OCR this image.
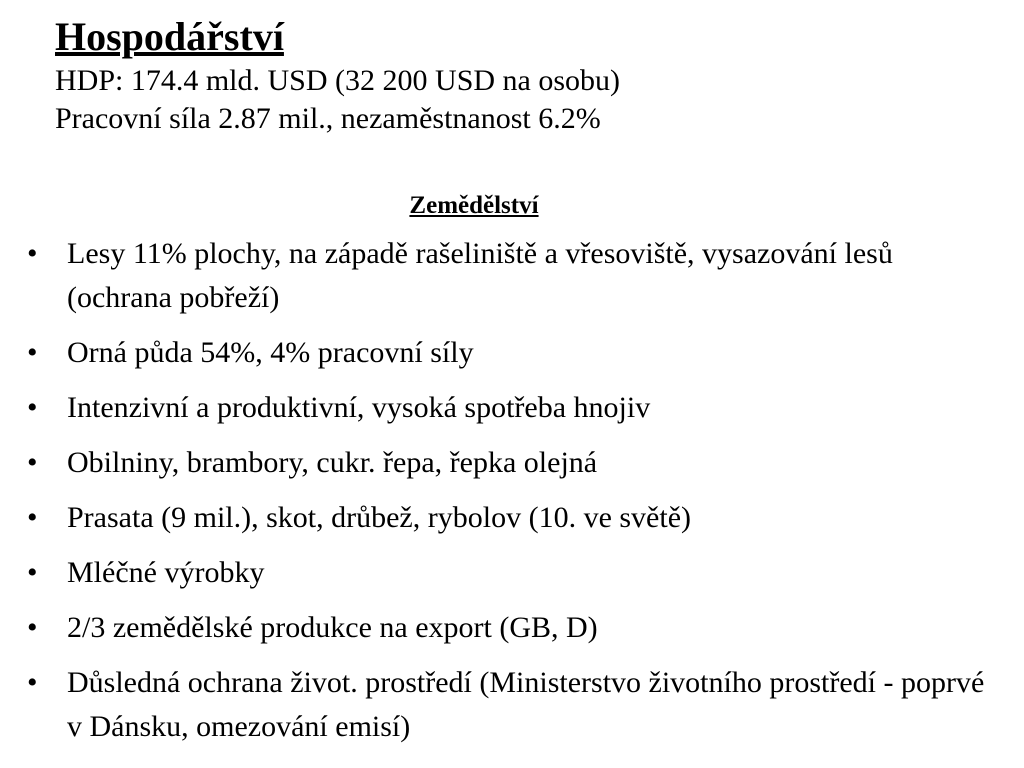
Hospodářství

HDP: 174.4 mld. USD (32 200 USD na osobu)

Pracovní síla 2.87 mil., nezaměstnanost 6.2%

Zemědělství
• Lesy 11% plochy, na západě rašeliniště a vřesoviště, vysazování lesů (ochrana pobřeží)
• Orná půda 54%, 4% pracovní síly
• Intenzivní a produktivní, vysoká spotřeba hnojiv
• Obilniny, brambory, cukr. řepa, řepka olejná
• Prasata (9 mil.), skot, drůbež, rybolov (10. ve světě)
• Mléčné výrobky
• 2/3 zemědělské produkce na export (GB, D)
• Důsledná ochrana život. prostředí (Ministerstvo životního prostředí - poprvé v Dánsku, omezování emisí)
